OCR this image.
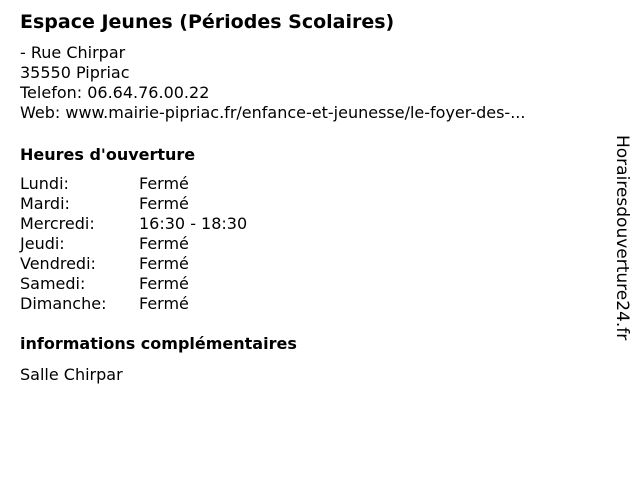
Espace Jeunes (Périodes Scolaires)
- Rue Chirpar
35550 Pipriac
Telefon: 06.64.76.00.22
Web: www.mairie-pipriac.fr/enfance-et-jeunesse/le-foyer-des-...
Heures d'ouverture
Lundi:	Fermé
Mardi:	Fermé
Mercredi:	16:30 - 18:30
Jeudi:	Fermé
Vendredi:	Fermé
Samedi:	Fermé
Dimanche: Fermé
informations complémentaires
Salle Chirpar
Horairesdouverture24.fr
